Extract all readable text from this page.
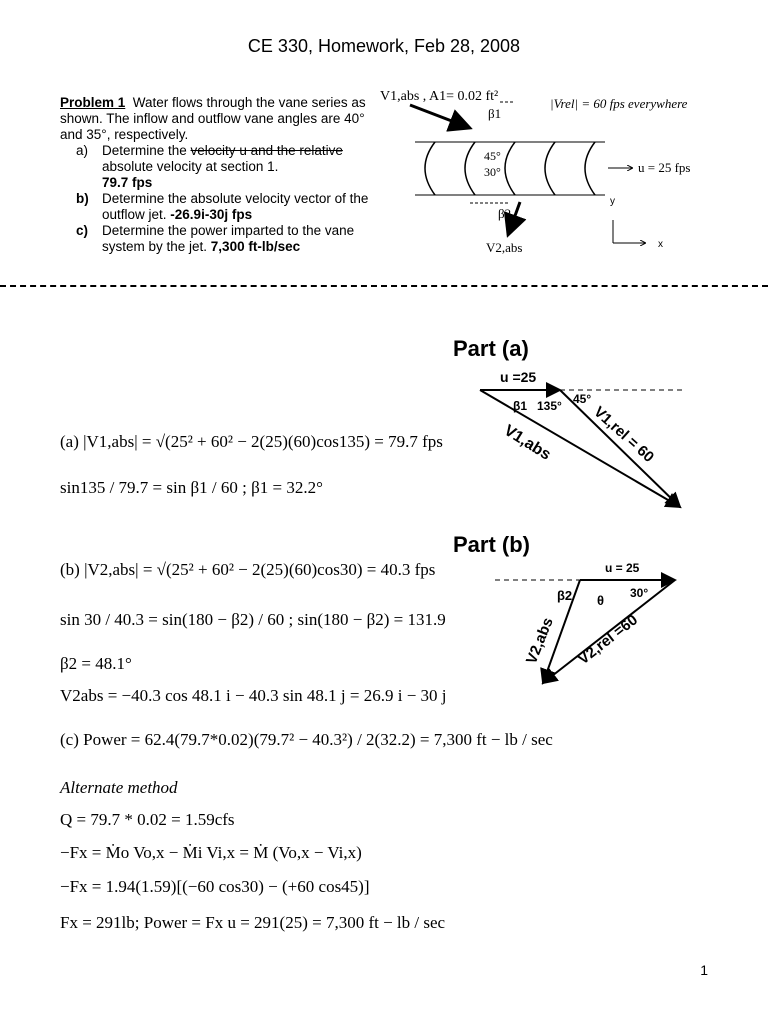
CE 330, Homework, Feb 28, 2008
Problem 1 Water flows through the vane series as shown. The inflow and outflow vane angles are 40° and 35°, respectively.
a) Determine the velocity u and the relative absolute velocity at section 1.
79.7 fps
b) Determine the absolute velocity vector of the outflow jet. -26.9i-30j fps
c) Determine the power imparted to the vane system by the jet. 7,300 ft-lb/sec
V1,abs , A1= 0.02 ft²
β1
|Vrel| = 60 fps everywhere
45°
30°	u = 25 fps
β2
V2,abs
y
x
Part (a)
u =25
β1 135° 45°
V1,rel = 60
V1,abs
(a) |V1,abs| = √(25² + 60² − 2(25)(60)cos135) = 79.7 fps
sin135 / 79.7 = sin β1 / 60 ; β1 = 32.2°
Part (b)
u = 25
β2 θ 30°
V2,abs V2,rel =60
(b) |V2,abs| = √(25² + 60² − 2(25)(60)cos30) = 40.3 fps
sin 30 / 40.3 = sin(180 − β2) / 60 ; sin(180 − β2) = 131.9
β2 = 48.1°
V2abs = −40.3 cos 48.1 i − 40.3 sin 48.1 j = 26.9 i − 30 j
(c) Power = 62.4(79.7*0.02)(79.7² − 40.3²) / 2(32.2) = 7,300 ft − lb / sec
Alternate method
Q = 79.7 * 0.02 = 1.59cfs
−Fx = Ṁo Vo,x − Ṁi Vi,x = Ṁ (Vo,x − Vi,x)
−Fx = 1.94(1.59)[(−60 cos30) − (+60 cos45)]
Fx = 291lb; Power = Fx u = 291(25) = 7,300 ft − lb / sec
1
